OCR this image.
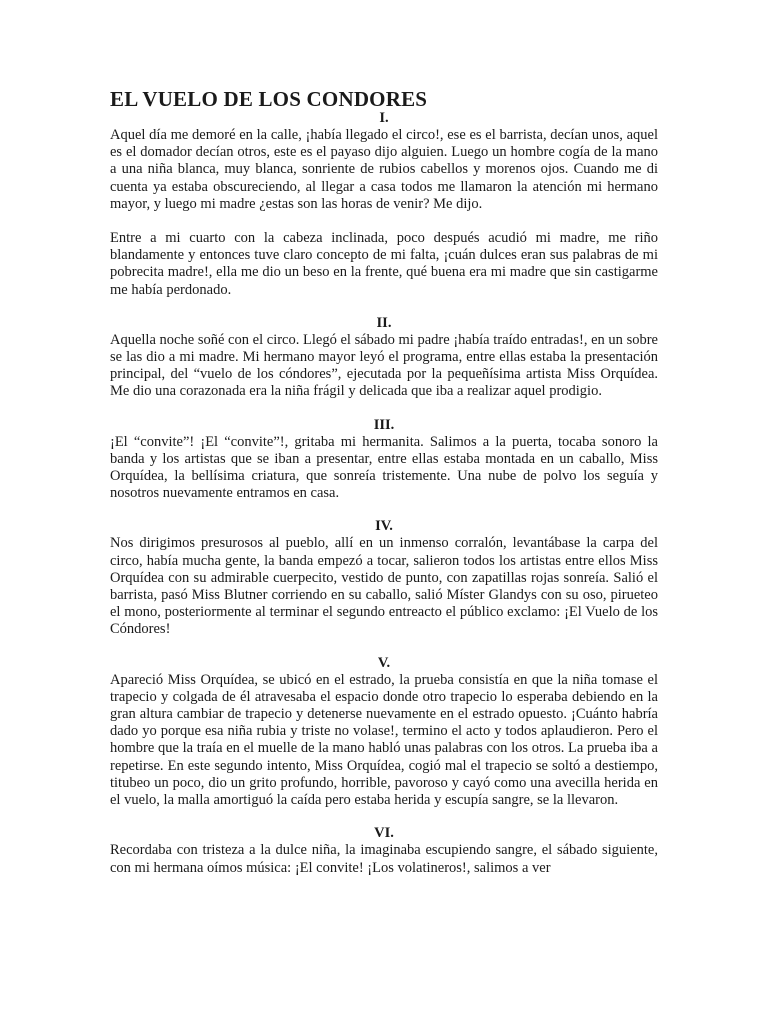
EL VUELO DE LOS CONDORES
I.

Aquel día me demoré en la calle, ¡había llegado el circo!, ese es el barrista, decían unos, aquel es el domador decían otros, este es el payaso dijo alguien. Luego un hombre cogía de la mano a una niña blanca, muy blanca, sonriente de rubios cabellos y morenos ojos. Cuando me di cuenta ya estaba obscureciendo, al llegar a casa todos me llamaron la atención mi hermano mayor, y luego mi madre ¿estas son las horas de venir? Me dijo.

Entre a mi cuarto con la cabeza inclinada, poco después acudió mi madre, me riño blandamente y entonces tuve claro concepto de mi falta, ¡cuán dulces eran sus palabras de mi pobrecita madre!, ella me dio un beso en la frente, qué buena era mi madre que sin castigarme me había perdonado.

II.

Aquella noche soñé con el circo. Llegó el sábado mi padre ¡había traído entradas!, en un sobre se las dio a mi madre. Mi hermano mayor leyó el programa, entre ellas estaba la presentación principal, del “vuelo de los cóndores”, ejecutada por la pequeñísima artista Miss Orquídea. Me dio una corazonada era la niña frágil y delicada que iba a realizar aquel prodigio.

III.

¡El “convite”! ¡El “convite”!, gritaba mi hermanita. Salimos a la puerta, tocaba sonoro la banda y los artistas que se iban a presentar, entre ellas estaba montada en un caballo, Miss Orquídea, la bellísima criatura, que sonreía tristemente. Una nube de polvo los seguía y nosotros nuevamente entramos en casa.

IV.

Nos dirigimos presurosos al pueblo, allí en un inmenso corralón, levantábase la carpa del circo, había mucha gente, la banda empezó a tocar, salieron todos los artistas entre ellos Miss Orquídea con su admirable cuerpecito, vestido de punto, con zapatillas rojas sonreía. Salió el barrista, pasó Miss Blutner corriendo en su caballo, salió Míster Glandys con su oso, pirueteo el mono, posteriormente al terminar el segundo entreacto el público exclamo: ¡El Vuelo de los Cóndores!

V.

Apareció Miss Orquídea, se ubicó en el estrado, la prueba consistía en que la niña tomase el trapecio y colgada de él atravesaba el espacio donde otro trapecio lo esperaba debiendo en la gran altura cambiar de trapecio y detenerse nuevamente en el estrado opuesto. ¡Cuánto habría dado yo porque esa niña rubia y triste no volase!, termino el acto y todos aplaudieron. Pero el hombre que la traía en el muelle de la mano habló unas palabras con los otros. La prueba iba a repetirse. En este segundo intento, Miss Orquídea, cogió mal el trapecio se soltó a destiempo, titubeo un poco, dio un grito profundo, horrible, pavoroso y cayó como una avecilla herida en el vuelo, la malla amortiguó la caída pero estaba herida y escupía sangre, se la llevaron.

VI.

Recordaba con tristeza a la dulce niña, la imaginaba escupiendo sangre, el sábado siguiente, con mi hermana oímos música: ¡El convite! ¡Los volatineros!, salimos a ver
